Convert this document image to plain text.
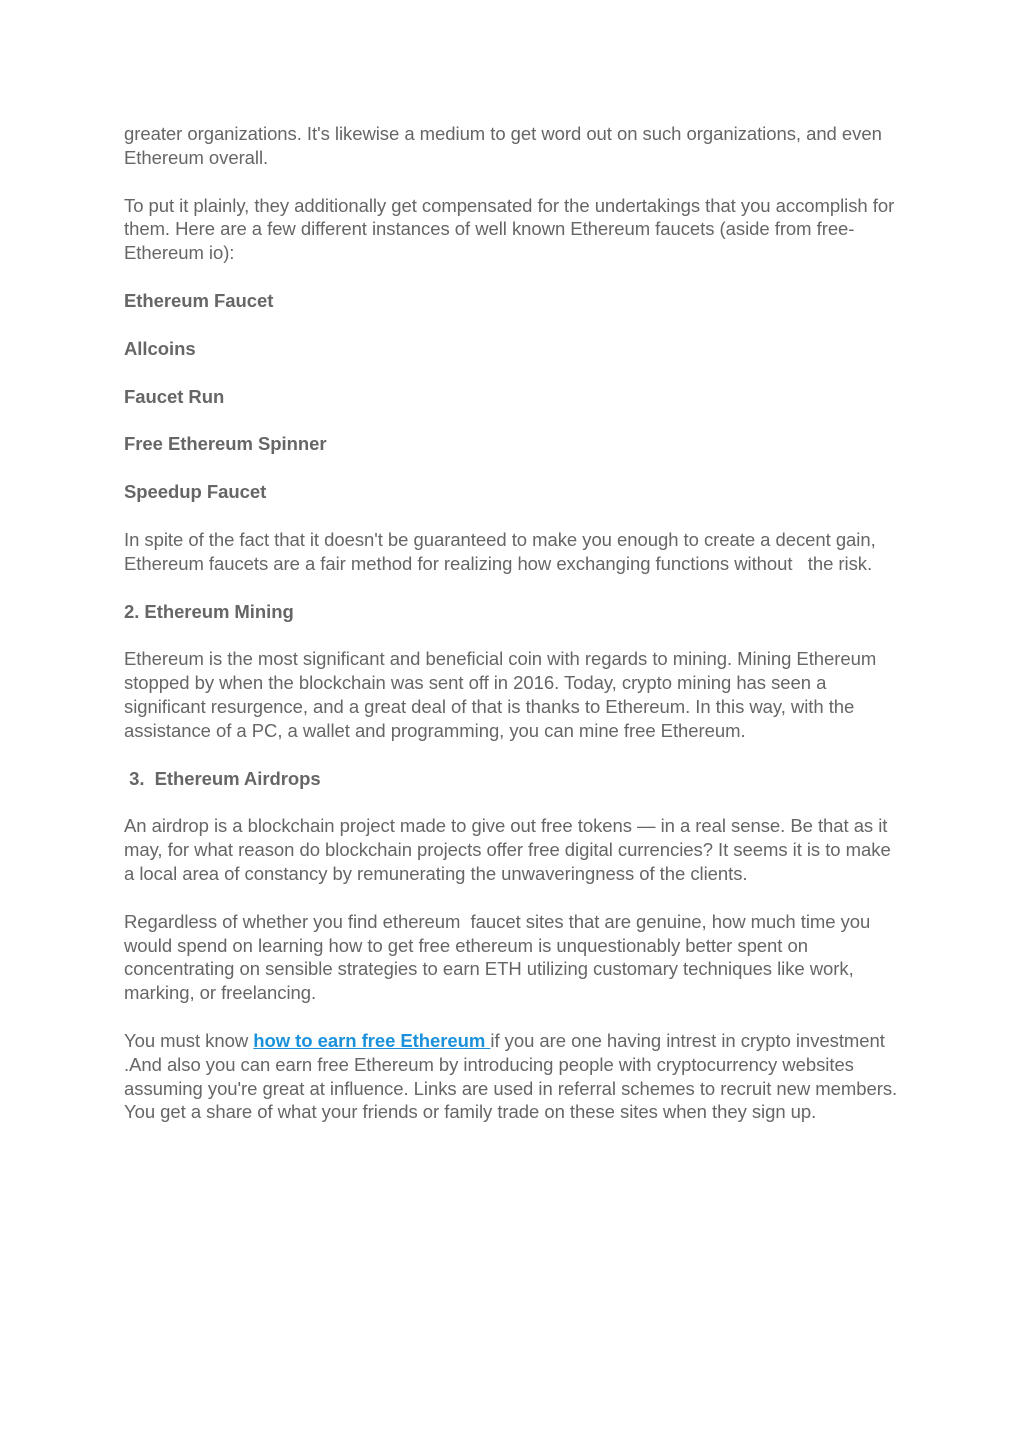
greater organizations. It's likewise a medium to get word out on such organizations, and even Ethereum overall.

To put it plainly, they additionally get compensated for the undertakings that you accomplish for them. Here are a few different instances of well known Ethereum faucets (aside from free-Ethereum io):

Ethereum Faucet

Allcoins

Faucet Run

Free Ethereum Spinner

Speedup Faucet

In spite of the fact that it doesn't be guaranteed to make you enough to create a decent gain, Ethereum faucets are a fair method for realizing how exchanging functions without   the risk.

2. Ethereum Mining

Ethereum is the most significant and beneficial coin with regards to mining. Mining Ethereum stopped by when the blockchain was sent off in 2016. Today, crypto mining has seen a significant resurgence, and a great deal of that is thanks to Ethereum. In this way, with the assistance of a PC, a wallet and programming, you can mine free Ethereum.

3.  Ethereum Airdrops

An airdrop is a blockchain project made to give out free tokens — in a real sense. Be that as it may, for what reason do blockchain projects offer free digital currencies? It seems it is to make a local area of constancy by remunerating the unwaveringness of the clients.

Regardless of whether you find ethereum  faucet sites that are genuine, how much time you would spend on learning how to get free ethereum is unquestionably better spent on concentrating on sensible strategies to earn ETH utilizing customary techniques like work, marking, or freelancing.

You must know how to earn free Ethereum if you are one having intrest in crypto investment .And also you can earn free Ethereum by introducing people with cryptocurrency websites assuming you're great at influence. Links are used in referral schemes to recruit new members. You get a share of what your friends or family trade on these sites when they sign up.
